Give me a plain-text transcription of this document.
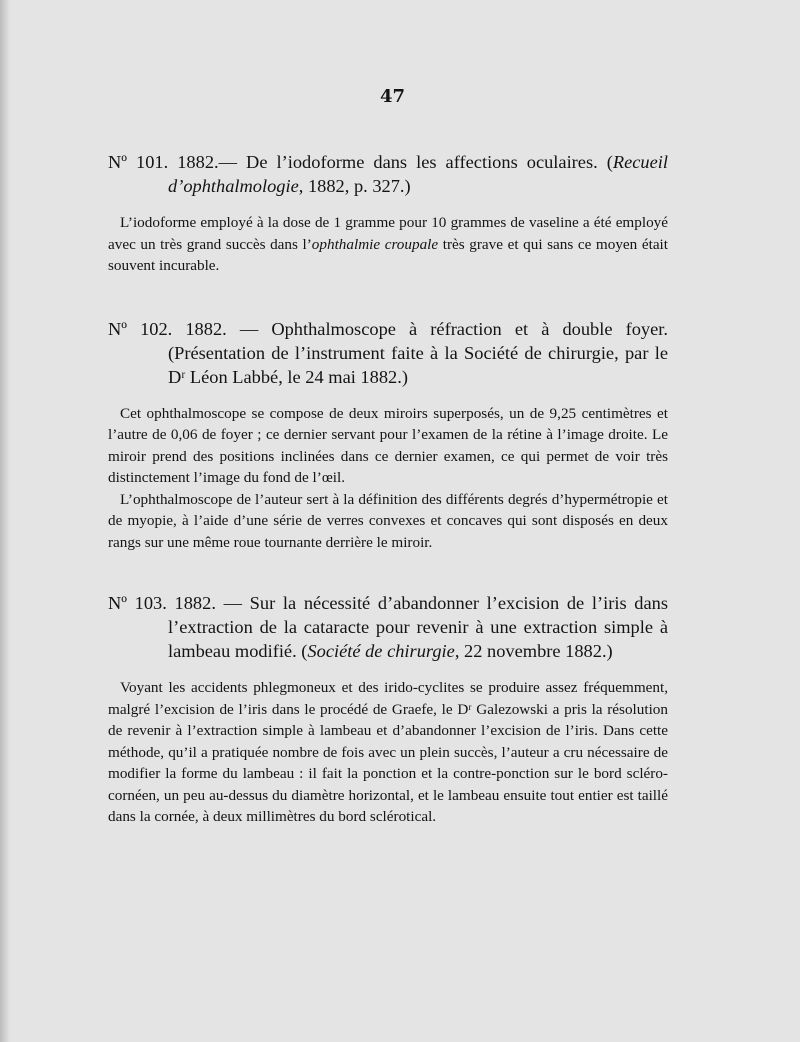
47
Nº 101. 1882.— De l’iodoforme dans les affections oculaires. (Recueil d’ophthalmologie, 1882, p. 327.)

L’iodoforme employé à la dose de 1 gramme pour 10 grammes de vaseline a été employé avec un très grand succès dans l’ophthalmie croupale très grave et qui sans ce moyen était souvent incurable.

Nº 102. 1882. — Ophthalmoscope à réfraction et à double foyer. (Présentation de l’instrument faite à la Société de chirurgie, par le Dʳ Léon Labbé, le 24 mai 1882.)

Cet ophthalmoscope se compose de deux miroirs superposés, un de 9,25 centimètres et l’autre de 0,06 de foyer ; ce dernier servant pour l’examen de la rétine à l’image droite. Le miroir prend des positions inclinées dans ce dernier examen, ce qui permet de voir très distinctement l’image du fond de l’œil.

L’ophthalmoscope de l’auteur sert à la définition des différents degrés d’hypermétropie et de myopie, à l’aide d’une série de verres convexes et concaves qui sont disposés en deux rangs sur une même roue tournante derrière le miroir.

Nº 103. 1882. — Sur la nécessité d’abandonner l’excision de l’iris dans l’extraction de la cataracte pour revenir à une extraction simple à lambeau modifié. (Société de chirurgie, 22 novembre 1882.)

Voyant les accidents phlegmoneux et des irido-cyclites se produire assez fréquemment, malgré l’excision de l’iris dans le procédé de Graefe, le Dʳ Galezowski a pris la résolution de revenir à l’extraction simple à lambeau et d’abandonner l’excision de l’iris. Dans cette méthode, qu’il a pratiquée nombre de fois avec un plein succès, l’auteur a cru nécessaire de modifier la forme du lambeau : il fait la ponction et la contre-ponction sur le bord scléro-cornéen, un peu au-dessus du diamètre horizontal, et le lambeau ensuite tout entier est taillé dans la cornée, à deux millimètres du bord sclérotical.
